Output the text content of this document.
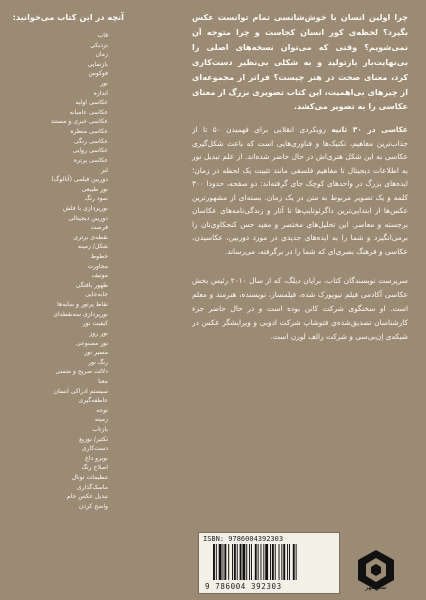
آنچه در این کتاب می‌خوانید:
قاب
نزدیکی
زمان
بازنمایی
فوکوس
نور
اندازه
عکاسی اولیه
عکاسی عامیانه
عکاسی خبری و مستند
عکاسی منظره
عکاسی رنگی
عکاسی روایی
عکاسی پرتره
لنز
دوربین فیلمی (آنالوگ)
نور طبیعی
نمود رنگ
نورپردازی با فلش
دوربین دیجیتالی
فرصت
نقطه‌ی برتری
شکل/ زمینه
خطوط
مجاورت
موتیف
ظهور بافتگی
جابه‌جایی
نقاط پرنور و سایه‌ها
نورپردازی سه‌نقطه‌ای
کیفیت نور
نور روز
نور مصنوعی
مسیر نور
رنگ‌ نور
دلالت صریح و ضمنی
معنا
سیستم ادراکی انسان
عاطفه‌گیری
توجه
زمینه
بازتاب
تکثیر/ توزیع
دست‌کاری
نوبزو داغ
اصلاح رنگ
تنظیمات تونال
ماسک‌گذاری
تبدیل عکس خام
واضح کردن

چرا اولین انسان با خوش‌شانسی تمام توانست عکس بگیرد؟ لحظه‌ی کور انسان کجاست و چرا متوجه آن نمی‌شویم؟ وقتی که می‌توان نسخه‌های اصلی را بی‌نهایت‌بار بازتولید و به شکلی بی‌نظیر دست‌کاری کرد، معنای صحت در هنر چیست؟ فراتر از مجموعه‌ای از چیزهای بی‌اهمیت، این کتاب تصویری بزرگ از معنای عکاسی را به تصویر می‌کشد.

عکاسی در ۳۰ ثانیه رویکردی انقلابی برای فهمیدن ۵۰ تا از جذاب‌ترین مفاهیم، تکنیک‌ها و فناوری‌هایی است که باعث شکل‌گیری عکاسی به این شکل هنری‌اش در حال حاضر شده‌اند. از علم تبدیل نور به اطلاعات دیجیتال تا مفاهیم فلسفی مانند تثبیت یک لحظه در زمان؛ ایده‌های بزرگ در واحدهای کوچک جای گرفته‌اند: دو صفحه، حدودا ۳۰۰ کلمه و یک تصویر مربوط به متن در یک زمان. بسته‌ای از مشهورترین عکس‌ها از ابتدایی‌ترین داگرئوتایپ‌ها تا آثار و زندگی‌نامه‌های عکاسان برجسته و معاصر. این تحلیل‌های مختصر و مفید حس کنجکاوی‌تان را برمی‌انگیزد و شما را به ایده‌های جدیدی در مورد دوربین، عکاسیدن، عکاسی و فرهنگ بصری‌ای که شما را در برگرفته، می‌رساند.

سرپرست نویسندگان کتاب، برایان دیلگ، که از سال ۲۰۱۰ رئیس بخش عکاسی آکادمی فیلم نیویورک شده، فیلمساز، نویسنده، هنرمند و معلم است. او سخنگوی شرکت کانن بوده است و در حال حاضر جزء کارشناسان تصدیق‌شده‌ی فتوشاپ شرکت ادوبی و ویرایشگر عکس در شبکه‌ی اِن‌بی‌سی و شرکت رالف لورن است.

ISBN: 9786004392303
9 786004 392303	نشر مهر
